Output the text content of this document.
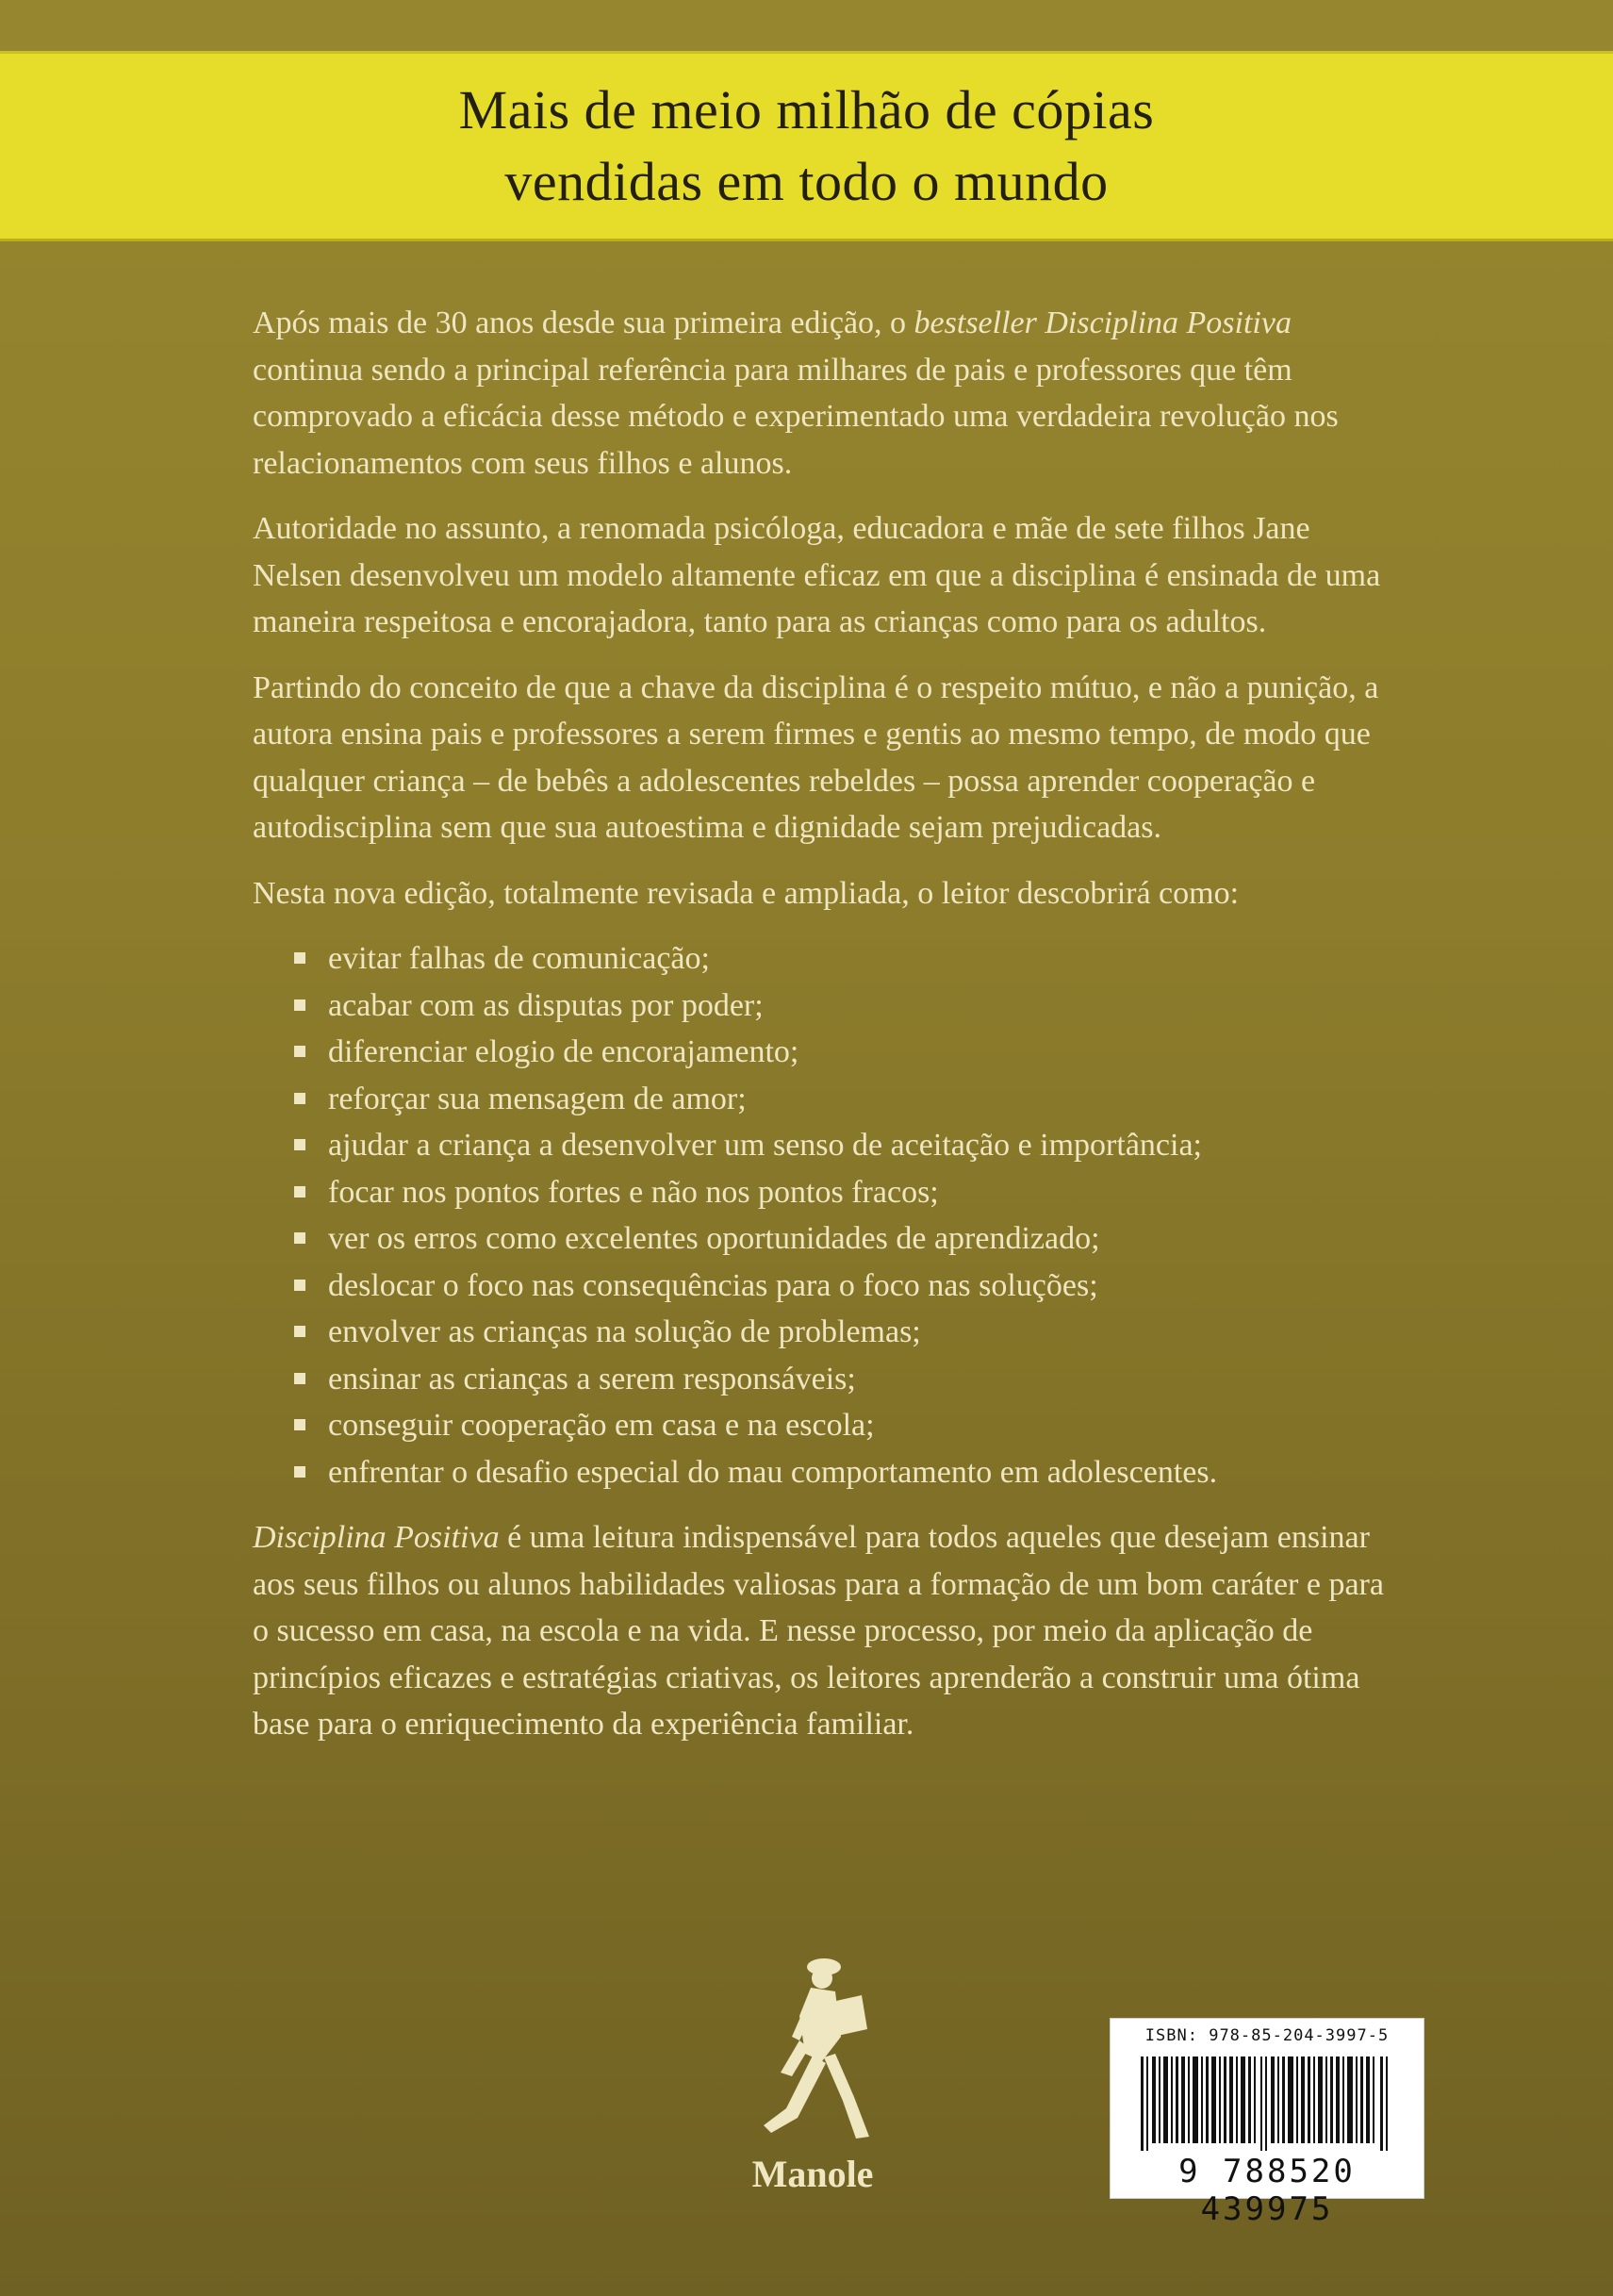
Mais de meio milhão de cópias
vendidas em todo o mundo

Após mais de 30 anos desde sua primeira edição, o bestseller Disciplina Positiva continua sendo a principal referência para milhares de pais e professores que têm comprovado a eficácia desse método e experimentado uma verdadeira revolução nos relacionamentos com seus filhos e alunos.

Autoridade no assunto, a renomada psicóloga, educadora e mãe de sete filhos Jane Nelsen desenvolveu um modelo altamente eficaz em que a disciplina é ensinada de uma maneira respeitosa e encorajadora, tanto para as crianças como para os adultos.

Partindo do conceito de que a chave da disciplina é o respeito mútuo, e não a punição, a autora ensina pais e professores a serem firmes e gentis ao mesmo tempo, de modo que qualquer criança – de bebês a adolescentes rebeldes – possa aprender cooperação e autodisciplina sem que sua autoestima e dignidade sejam prejudicadas.

Nesta nova edição, totalmente revisada e ampliada, o leitor descobrirá como:

evitar falhas de comunicação;
acabar com as disputas por poder;
diferenciar elogio de encorajamento;
reforçar sua mensagem de amor;
ajudar a criança a desenvolver um senso de aceitação e importância;
focar nos pontos fortes e não nos pontos fracos;
ver os erros como excelentes oportunidades de aprendizado;
deslocar o foco nas consequências para o foco nas soluções;
envolver as crianças na solução de problemas;
ensinar as crianças a serem responsáveis;
conseguir cooperação em casa e na escola;
enfrentar o desafio especial do mau comportamento em adolescentes.

Disciplina Positiva é uma leitura indispensável para todos aqueles que desejam ensinar aos seus filhos ou alunos habilidades valiosas para a formação de um bom caráter e para o sucesso em casa, na escola e na vida. E nesse processo, por meio da aplicação de princípios eficazes e estratégias criativas, os leitores aprenderão a construir uma ótima base para o enriquecimento da experiência familiar.

Manole
ISBN: 978-85-204-3997-5
9 788520 439975
